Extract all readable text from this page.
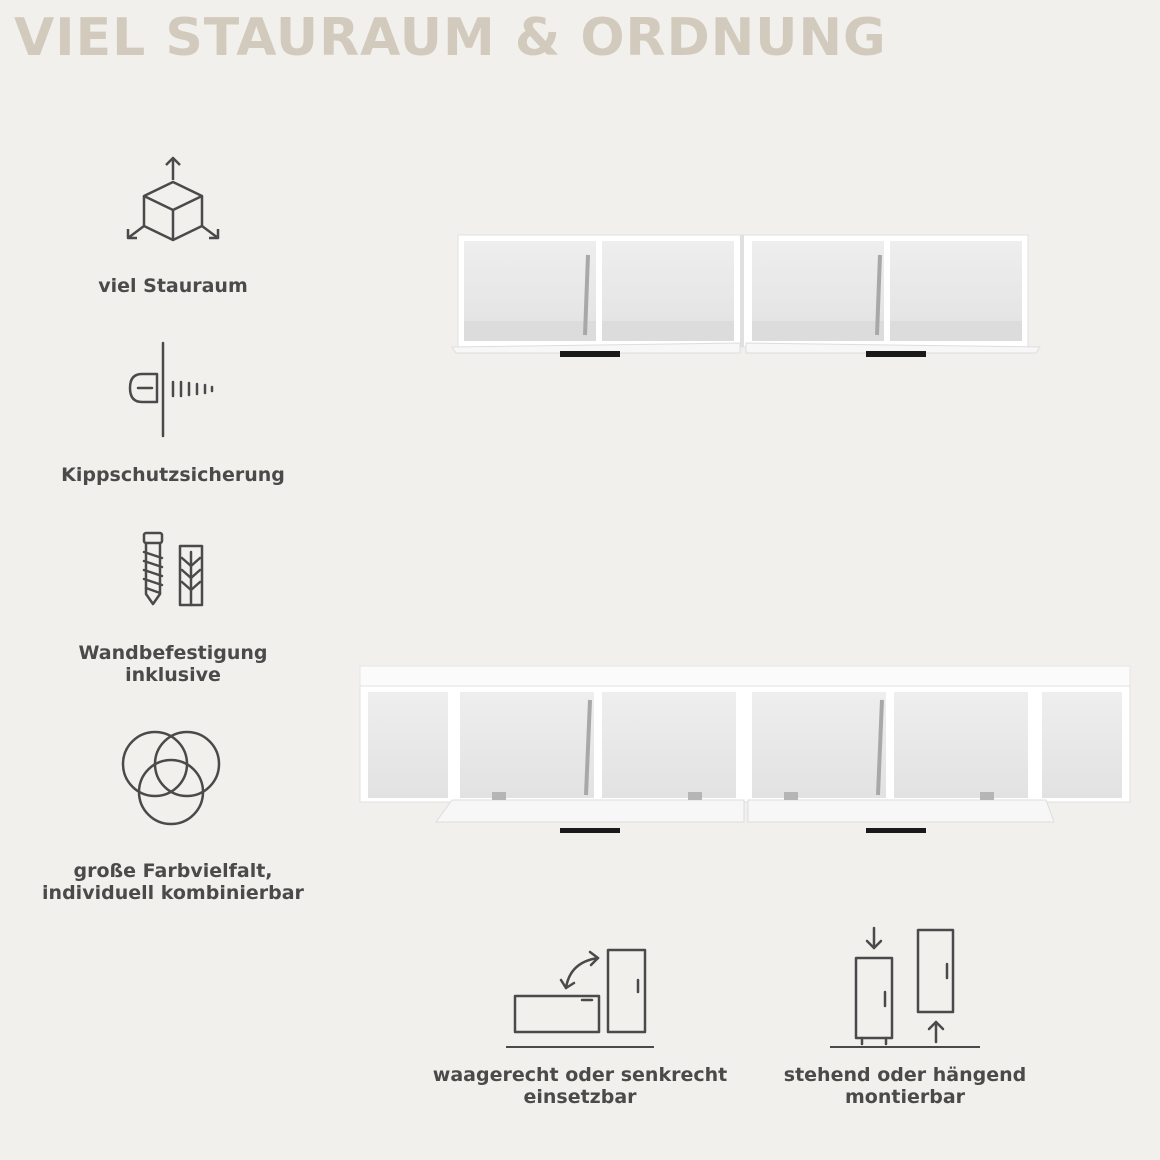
VIEL STAURAUM & ORDNUNG
viel Stauraum
Kippschutzsicherung
Wandbefestigung
inklusive
große Farbvielfalt,
individuell kombinierbar
waagerecht oder senkrecht
einsetzbar
stehend oder hängend
montierbar
